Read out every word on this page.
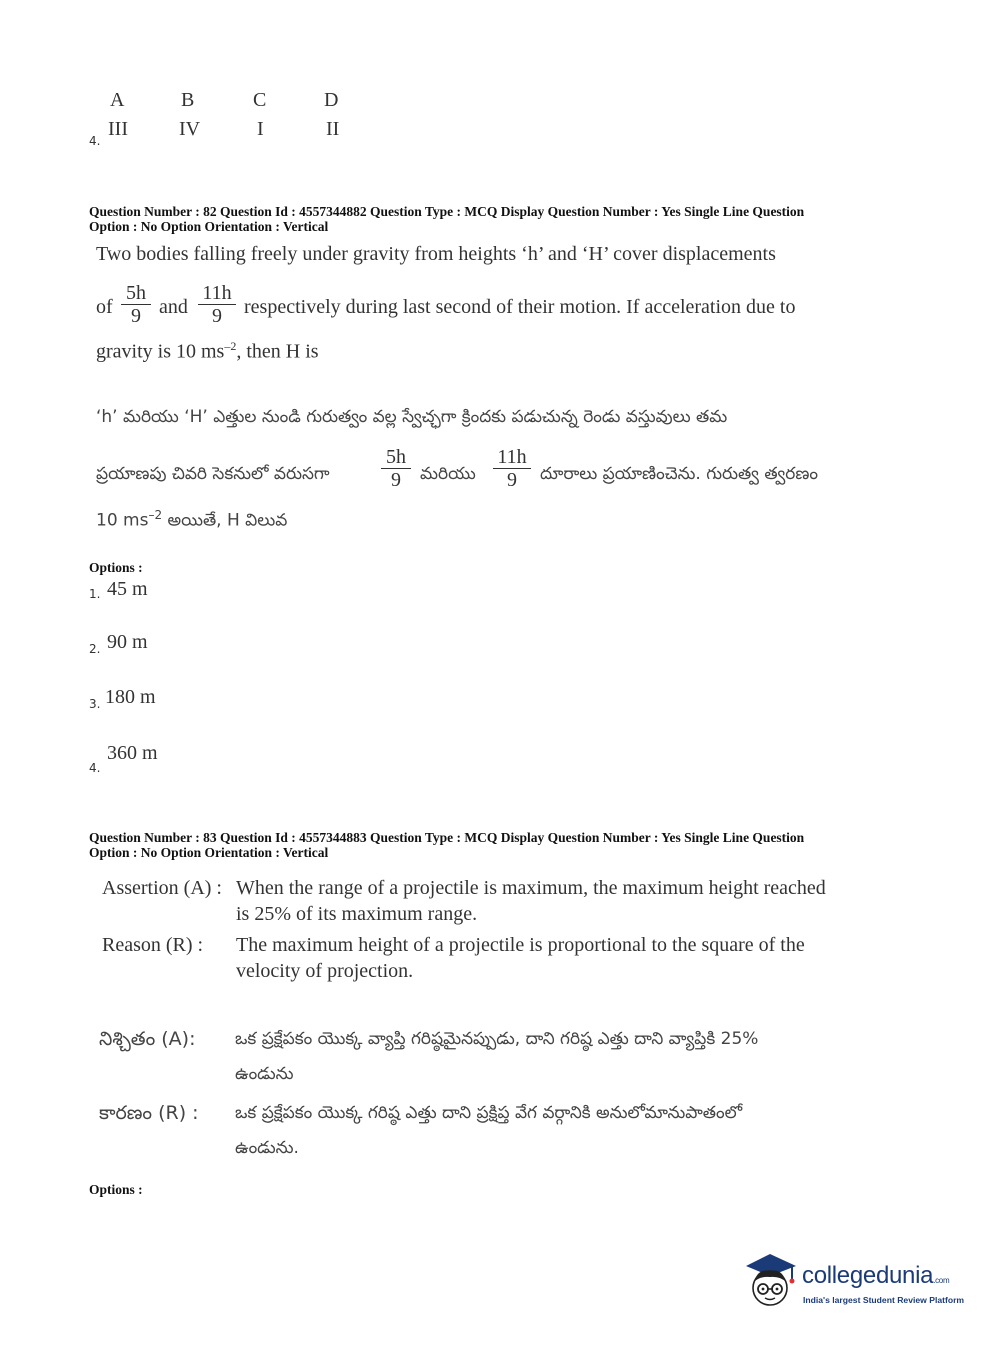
A	B	C	D
4.
III	IV	I	II
Question Number : 82 Question Id : 4557344882 Question Type : MCQ Display Question Number : Yes Single Line Question
Option : No Option Orientation : Vertical
Two bodies falling freely under gravity from heights ‘h’ and ‘H’ cover displacements
of $\frac{5h}{9}$ and $\frac{11h}{9}$ respectively during last second of their motion. If acceleration due to
gravity is 10 $ms^{-2}$, then H is
‘h’ మరియు ‘H’ ఎత్తుల నుండి గురుత్వం వల్ల స్వేచ్ఛగా క్రిందకు పడుచున్న రెండు వస్తువులు తమ
ప్రయాణపు చివరి సెకనులో వరుసగా	$\frac{5h}{9}$ మరియు $\frac{11h}{9}$ దూరాలు ప్రయాణించెను. గురుత్వ త్వరణం
10 $ms^{-2}$ అయితే, H విలువ
Options :
1. 45 m
2. 90 m
3. 180 m
4.
360 m
Question Number : 83 Question Id : 4557344883 Question Type : MCQ Display Question Number : Yes Single Line Question
Option : No Option Orientation : Vertical
Assertion (A) : When the range of a projectile is maximum, the maximum height reached
is 25% of its maximum range.
Reason (R) : The maximum height of a projectile is proportional to the square of the
velocity of projection.
నిశ్చితం (A): ఒక ప్రక్షేపకం యొక్క వ్యాప్తి గరిష్ఠమైనప్పుడు, దాని గరిష్ఠ ఎత్తు దాని వ్యాప్తికి 25%
ఉండును
కారణం (R) : ఒక ప్రక్షేపకం యొక్క గరిష్ఠ ఎత్తు దాని ప్రక్షిప్త వేగ వర్గానికి అనులోమానుపాతంలో
ఉండును.
Options :
collegedunia.com
India's largest Student Review Platform
